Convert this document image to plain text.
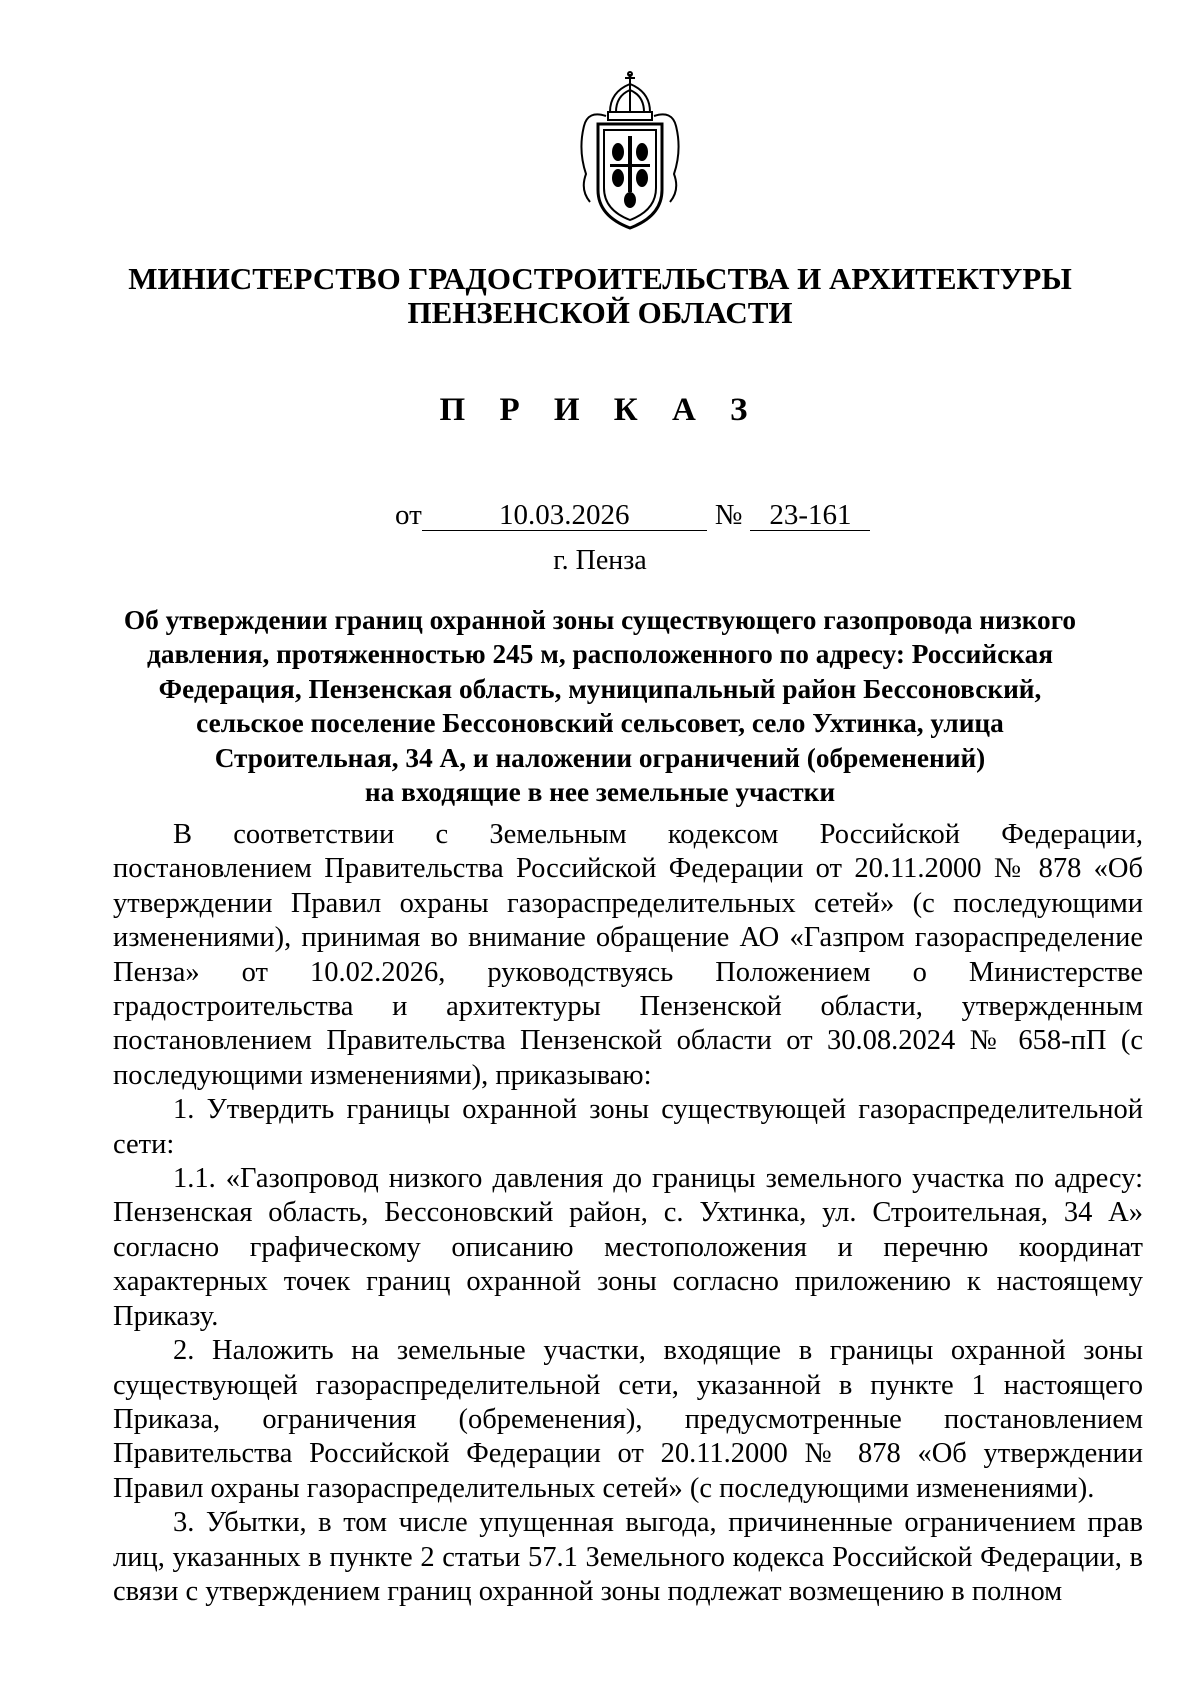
МИНИСТЕРСТВО ГРАДОСТРОИТЕЛЬСТВА И АРХИТЕКТУРЫ
ПЕНЗЕНСКОЙ ОБЛАСТИ
П Р И К А З
от	10.03.2026	№ 23-161
г. Пенза
Об утверждении границ охранной зоны существующего газопровода низкого
давления, протяженностью 245 м, расположенного по адресу: Российская
Федерация, Пензенская область, муниципальный район Бессоновский,
сельское поселение Бессоновский сельсовет, село Ухтинка, улица
Строительная, 34 А, и наложении ограничений (обременений)
на входящие в нее земельные участки

В соответствии с Земельным кодексом Российской Федерации, постановлением Правительства Российской Федерации от 20.11.2000 № 878 «Об утверждении Правил охраны газораспределительных сетей» (с последующими изменениями), принимая во внимание обращение АО «Газпром газораспределение Пенза» от 10.02.2026, руководствуясь Положением о Министерстве градостроительства и архитектуры Пензенской области, утвержденным постановлением Правительства Пензенской области от 30.08.2024 № 658-пП (с последующими изменениями), приказываю:

1. Утвердить границы охранной зоны существующей газораспределительной сети:

1.1. «Газопровод низкого давления до границы земельного участка по адресу: Пензенская область, Бессоновский район, с. Ухтинка, ул. Строительная, 34 А» согласно графическому описанию местоположения и перечню координат характерных точек границ охранной зоны согласно приложению к настоящему Приказу.

2. Наложить на земельные участки, входящие в границы охранной зоны существующей газораспределительной сети, указанной в пункте 1 настоящего Приказа, ограничения (обременения), предусмотренные постановлением Правительства Российской Федерации от 20.11.2000 № 878 «Об утверждении Правил охраны газораспределительных сетей» (с последующими изменениями).

3. Убытки, в том числе упущенная выгода, причиненные ограничением прав лиц, указанных в пункте 2 статьи 57.1 Земельного кодекса Российской Федерации, в связи с утверждением границ охранной зоны подлежат возмещению в полном
